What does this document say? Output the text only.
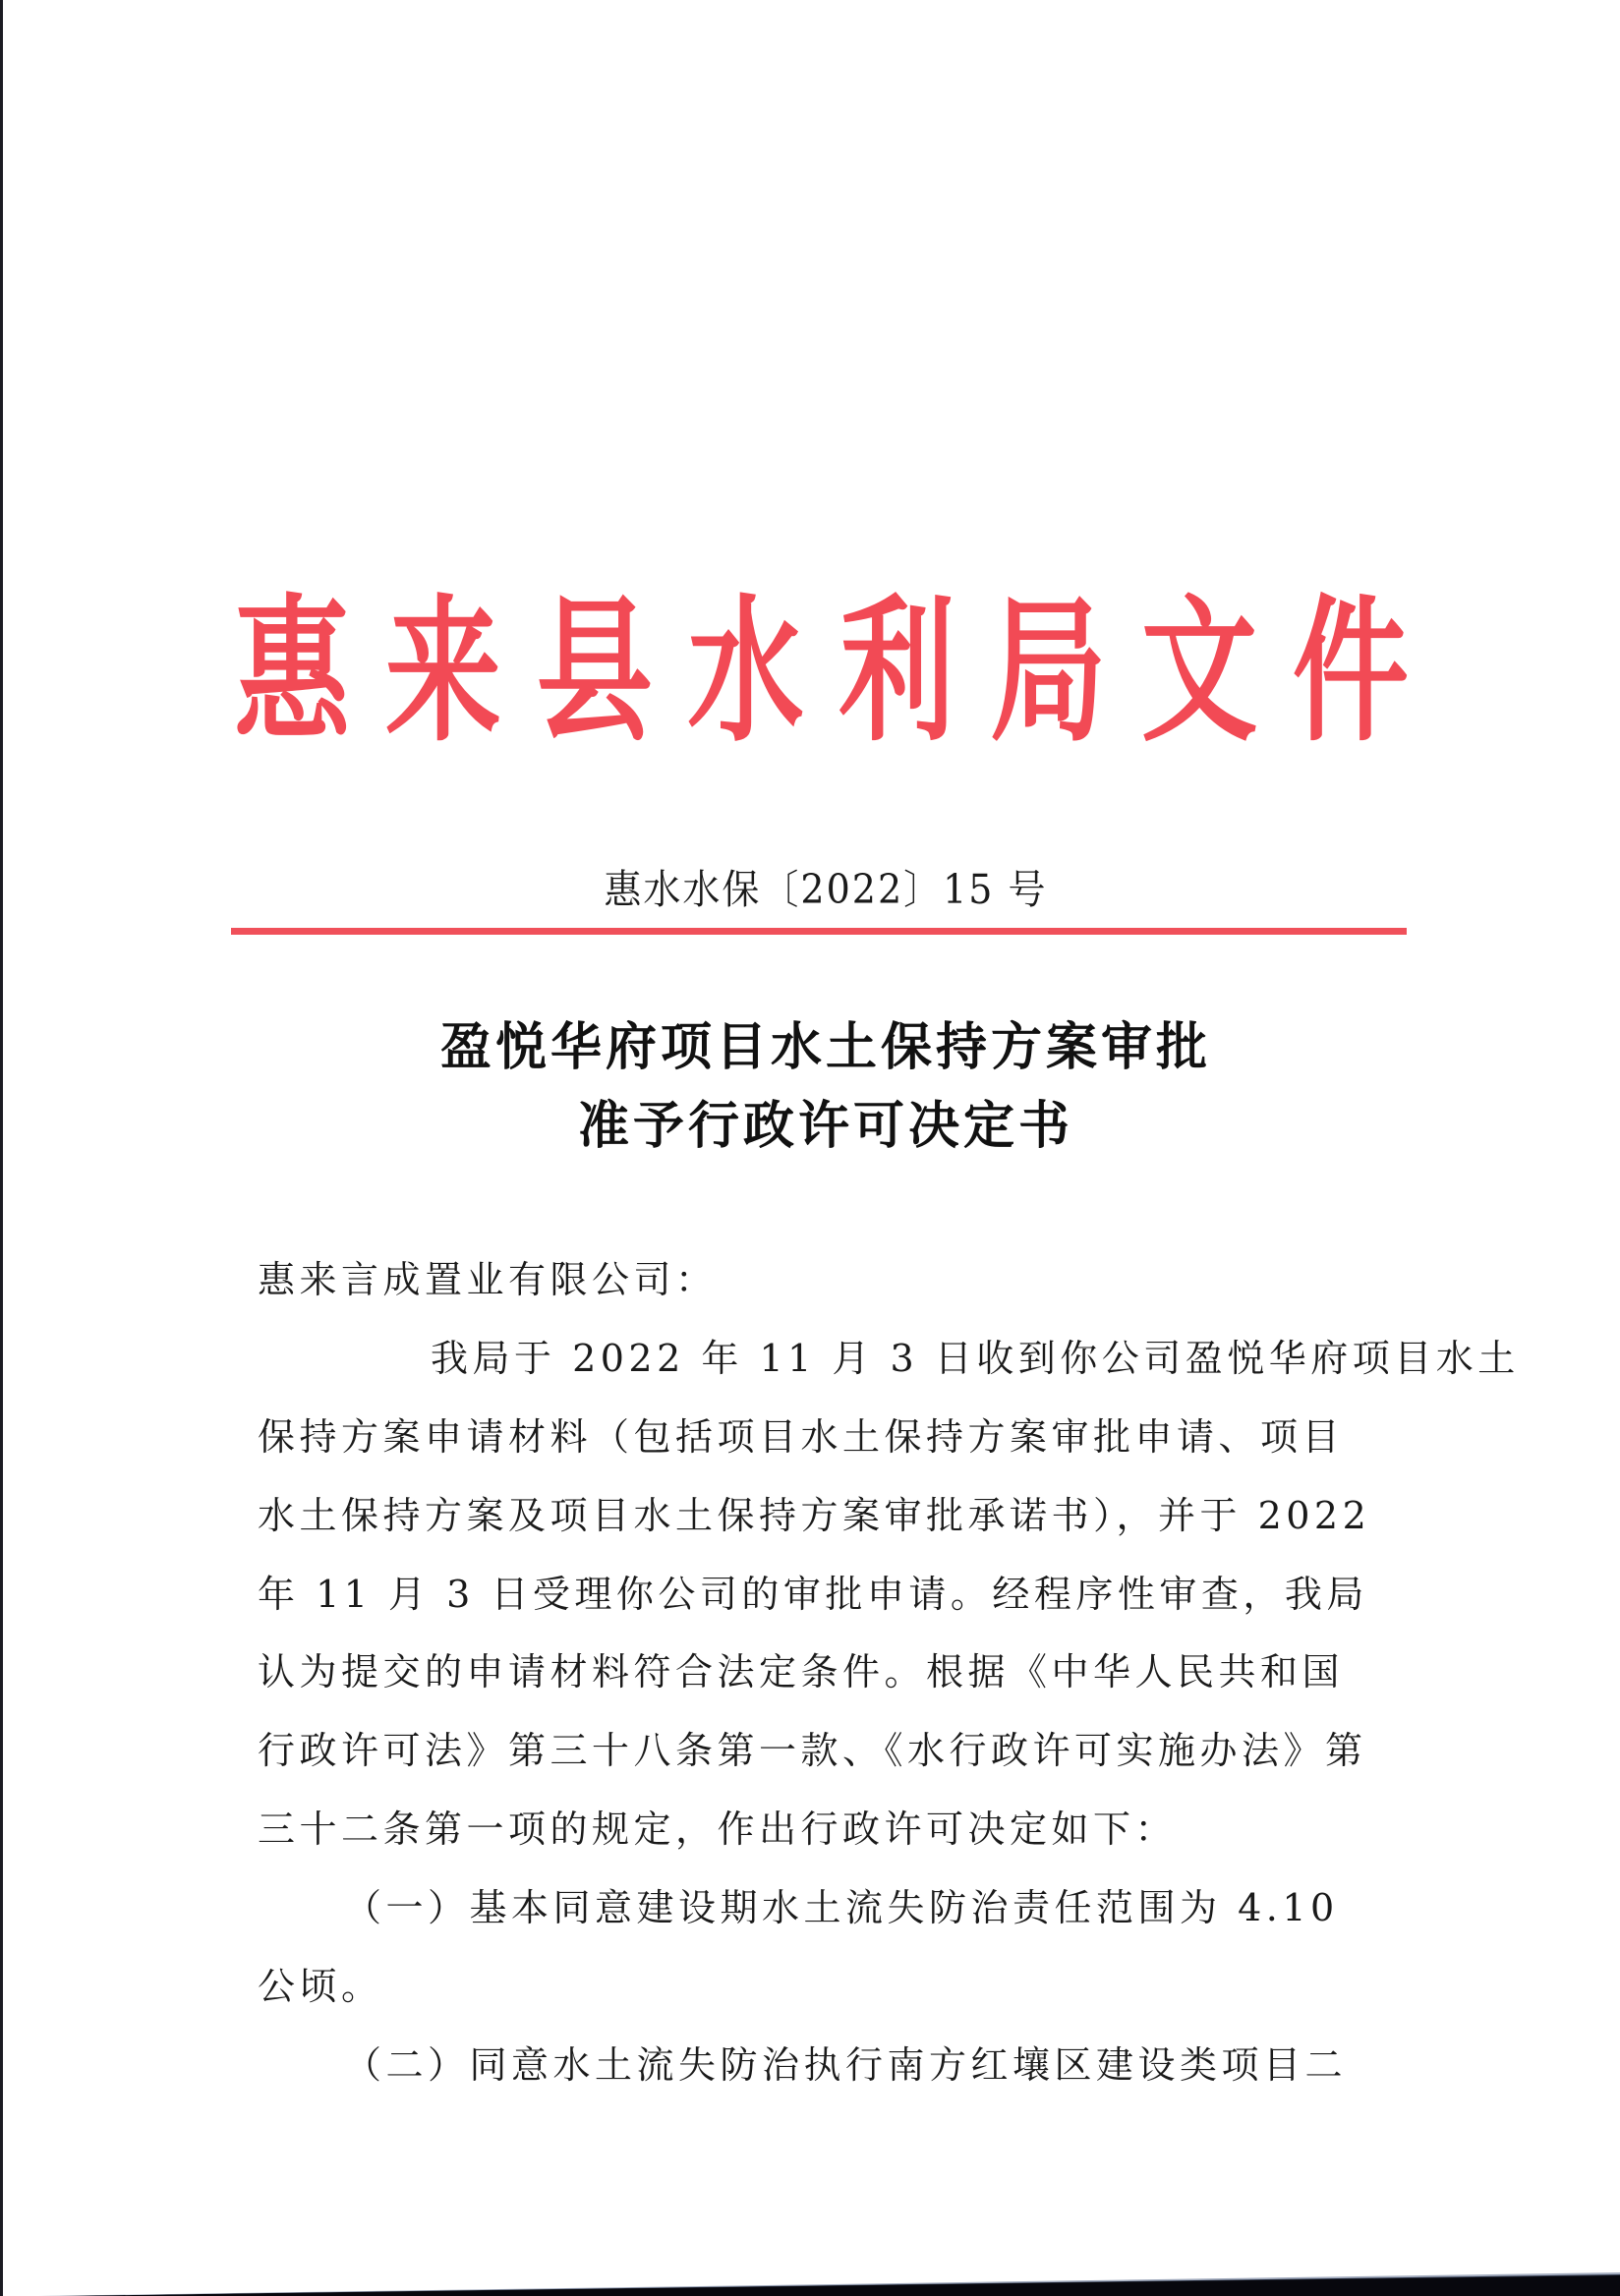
惠 来 县 水 利 局 文 件
惠水水保〔2022〕15 号
盈悦华府项目水土保持方案审批
准予行政许可决定书
惠来言成置业有限公司：
我局于 2022 年 11 月 3 日收到你公司盈悦华府项目水土
保持方案申请材料（包括项目水土保持方案审批申请、项目
水土保持方案及项目水土保持方案审批承诺书），并于 2022
年 11 月 3 日受理你公司的审批申请。经程序性审查，我局
认为提交的申请材料符合法定条件。根据《中华人民共和国
行政许可法》第三十八条第一款、《水行政许可实施办法》第
三十二条第一项的规定，作出行政许可决定如下：
（一）基本同意建设期水土流失防治责任范围为 4.10
公顷。
（二）同意水土流失防治执行南方红壤区建设类项目二
